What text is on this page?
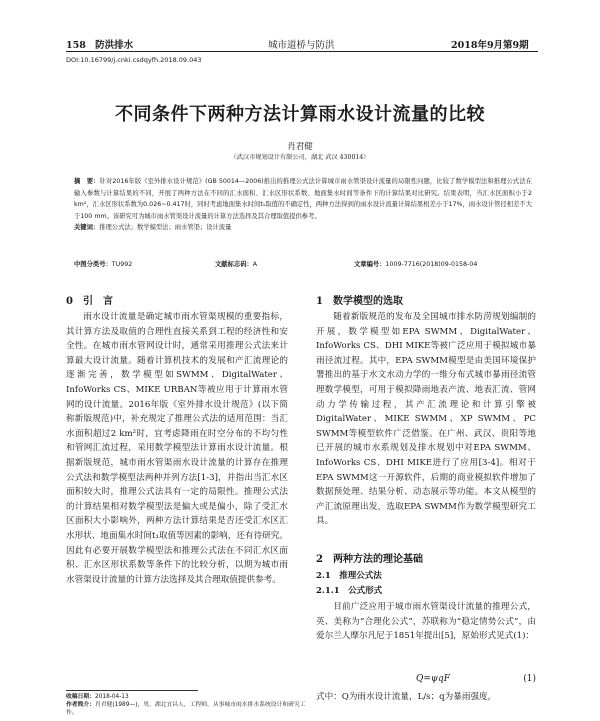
158 防洪排水	城市道桥与防洪	2018年9月第9期
DOI:10.16799/j.cnki.csdqyfh.2018.09.043
不同条件下两种方法计算雨水设计流量的比较
肖君健
（武汉市规划设计有限公司，湖北 武汉 430014）

摘　要：针对2016年版《室外排水设计规范》(GB 50014—2006)推出的推理公式法计算城市雨水管渠设计流量的局限性问题，比较了数学模型法和推理公式法在输入参数与计算结果的不同，开展了两种方法在不同的汇水面积、汇水区形状系数、地面集水时间等条件下的计算结果对比研究。结果表明，当汇水区面积小于2 km²，汇水区形状系数为0.026~0.417时，同时考虑地面集水时间t₁取值的不确定性，两种方法得到的雨水设计流量计算结果相差小于17%，雨水设计管径相差不大于100 mm。该研究可为城市雨水管渠设计流量的计算方法选择及其合理取值提供参考。

关键词：推理公式法；数学模型法；雨水管渠；设计流量

中图分类号：TU992	文献标志码：A	文章编号：1009-7716(2018)09-0158-04
0　引　言

雨水设计流量是确定城市雨水管渠规模的重要指标，其计算方法及取值的合理性直接关系到工程的经济性和安全性。在城市雨水管网设计时，通常采用推理公式法来计算最大设计流量。随着计算机技术的发展和产汇流理论的逐渐完善，数学模型如SWMM、DigitalWater、InfoWorks CS、MIKE URBAN等被应用于计算雨水管网的设计流量。2016年版《室外排水设计规范》(以下简称新版规范)中，补充规定了推理公式法的适用范围：当汇水面积超过2 km²时，宜考虑降雨在时空分布的不均匀性和管网汇流过程，采用数学模型法计算雨水设计流量。根据新版规范，城市雨水管渠雨水设计流量的计算存在推理公式法和数学模型法两种并列方法[1-3]，并指出当汇水区面积较大时，推理公式法具有一定的局限性。推理公式法的计算结果相对数学模型法是偏大或是偏小，除了受汇水区面积大小影响外，两种方法计算结果是否还受汇水区汇水形状、地面集水时间t₁取值等因素的影响，还有待研究。因此有必要开展数学模型法和推理公式法在不同汇水区面积、汇水区形状系数等条件下的比较分析，以期为城市雨水管渠设计流量的计算方法选择及其合理取值提供参考。

1　数学模型的选取

随着新版规范的发布及全国城市排水防涝规划编制的开展，数学模型如EPA SWMM、DigitalWater、InfoWorks CS、DHI MIKE等被广泛应用于模拟城市暴雨径流过程。其中，EPA SWMM模型是由美国环境保护署推出的基于水文水动力学的一维分布式城市暴雨径流管理数学模型，可用于模拟降雨地表产流、地表汇流、管网动力学传输过程，其产汇流理论和计算引擎被DigitalWater、MIKE SWMM、XP SWMM、PC SWMM等模型软件广泛借鉴。在广州、武汉、贵阳等地已开展的城市水系规划及排水规划中对EPA SWMM、InfoWorks CS、DHI MIKE进行了应用[3-4]。相对于EPA SWMM这一开源软件，后期的商业模拟软件增加了数据预处理、结果分析、动态展示等功能。本文从模型的产汇流原理出发，选取EPA SWMM作为数学模型研究工具。

2　两种方法的理论基础
2.1　推理公式法
2.1.1　公式形式

目前广泛应用于城市雨水管渠设计流量的推理公式，英、美称为“合理化公式”，苏联称为“稳定情势公式”，由爱尔兰人摩尔凡尼于1851年提出[5]，原始形式见式(1)：

Q=ψqF	(1)
式中：Q为雨水设计流量，L/s；q为暴雨强度，
收稿日期：2018-04-13
作者简介：肖君健(1989—)，男，湖北宜昌人，工程师，从事城市雨水排水系统设计和研究工作。
